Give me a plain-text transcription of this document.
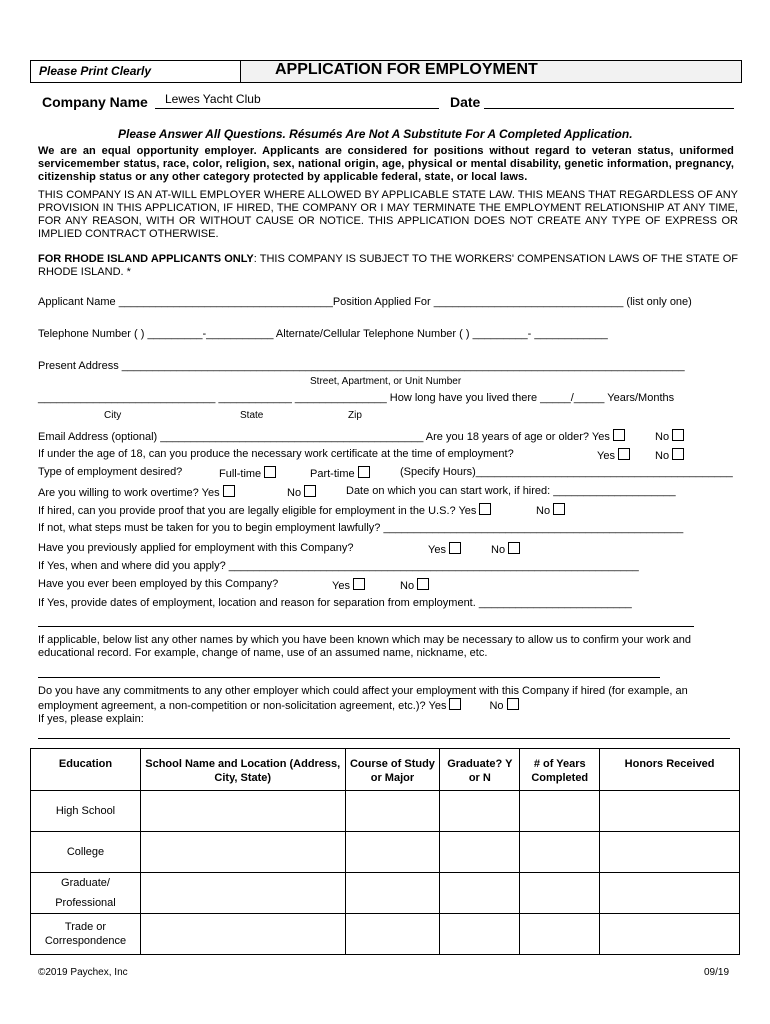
Please Print Clearly	APPLICATION FOR EMPLOYMENT
Company Name Lewes Yacht Club	Date
Please Answer All Questions. Résumés Are Not A Substitute For A Completed Application.
We are an equal opportunity employer. Applicants are considered for positions without regard to veteran status, uniformed servicemember status, race, color, religion, sex, national origin, age, physical or mental disability, genetic information, pregnancy, citizenship status or any other category protected by applicable federal, state, or local laws.
THIS COMPANY IS AN AT-WILL EMPLOYER WHERE ALLOWED BY APPLICABLE STATE LAW. THIS MEANS THAT REGARDLESS OF ANY PROVISION IN THIS APPLICATION, IF HIRED, THE COMPANY OR I MAY TERMINATE THE EMPLOYMENT RELATIONSHIP AT ANY TIME, FOR ANY REASON, WITH OR WITHOUT CAUSE OR NOTICE. THIS APPLICATION DOES NOT CREATE ANY TYPE OF EXPRESS OR IMPLIED CONTRACT OTHERWISE.
FOR RHODE ISLAND APPLICANTS ONLY: THIS COMPANY IS SUBJECT TO THE WORKERS' COMPENSATION LAWS OF THE STATE OF RHODE ISLAND. *
Applicant Name ___________________________________Position Applied For _______________________________ (list only one)
Telephone Number ( ) _________-___________ Alternate/Cellular Telephone Number ( ) _________- ____________
Present Address ____________________________________________________________________________________________
Street, Apartment, or Unit Number
_____________________________ ____________ _______________ How long have you lived there _____/_____ Years/Months
City	State	Zip
Email Address (optional) ___________________________________________ Are you 18 years of age or older? Yes	No
If under the age of 18, can you produce the necessary work certificate at the time of employment?	Yes	No
Type of employment desired?	Full-time	Part-time	(Specify Hours)__________________________________________
Are you willing to work overtime? Yes	No	Date on which you can start work, if hired: ____________________
If hired, can you provide proof that you are legally eligible for employment in the U.S.? Yes	No
If not, what steps must be taken for you to begin employment lawfully? _________________________________________________
Have you previously applied for employment with this Company?	Yes	No
If Yes, when and where did you apply? ___________________________________________________________________
Have you ever been employed by this Company?	Yes	No
If Yes, provide dates of employment, location and reason for separation from employment. _________________________
If applicable, below list any other names by which you have been known which may be necessary to allow us to confirm your work and educational record. For example, change of name, use of an assumed name, nickname, etc.
Do you have any commitments to any other employer which could affect your employment with this Company if hired (for example, an employment agreement, a non-competition or non-solicitation agreement, etc.)? Yes	No
If yes, please explain:
Education	School Name and Location (Address, City, State)	Course of Study or Major	Graduate? Y or N	# of Years Completed	Honors Received
High School					
College					
Graduate/ Professional					
Trade or Correspondence					
©2019 Paychex, Inc	09/19
